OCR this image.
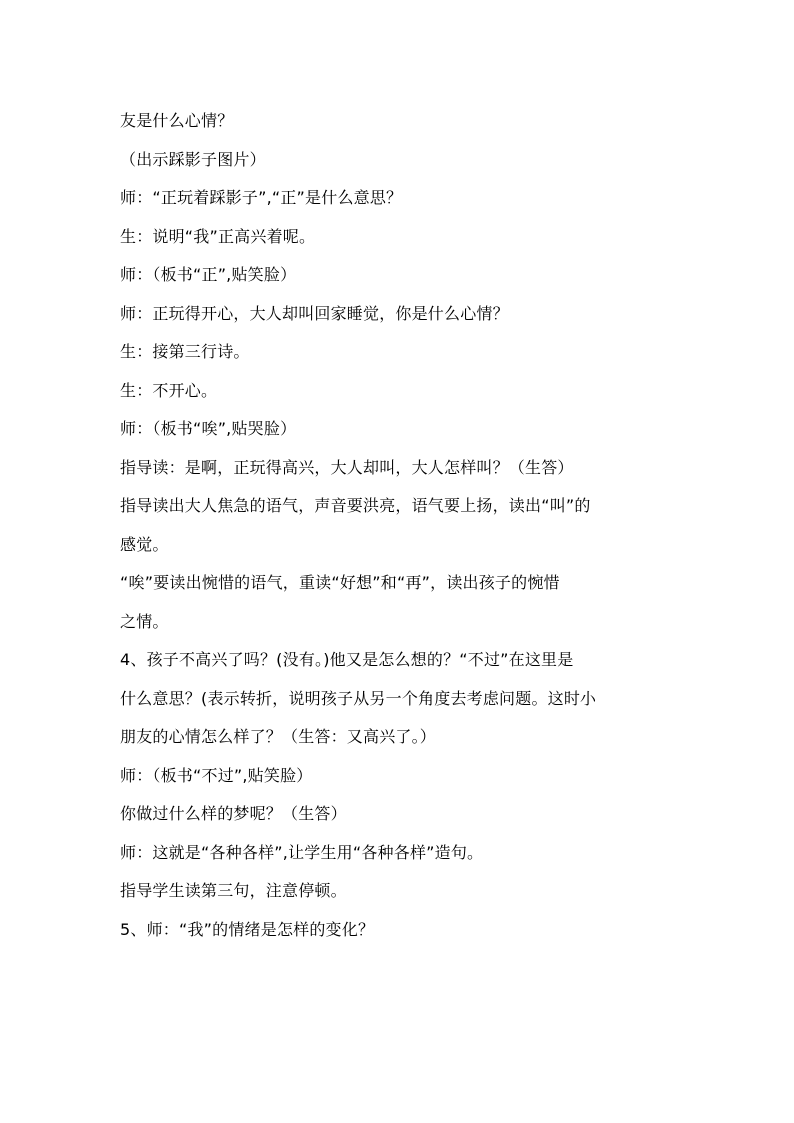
友是什么心情？
（出示踩影子图片）
师：“正玩着踩影子”,“正”是什么意思？
生：说明“我”正高兴着呢。
师：（板书“正”,贴笑脸）
师：正玩得开心，大人却叫回家睡觉，你是什么心情？
生：接第三行诗。
生：不开心。
师：（板书“唉”,贴哭脸）
指导读：是啊，正玩得高兴，大人却叫，大人怎样叫？（生答）
指导读出大人焦急的语气，声音要洪亮，语气要上扬，读出“叫”的
感觉。
“唉”要读出惋惜的语气，重读“好想”和“再”，读出孩子的惋惜
之情。
4、孩子不高兴了吗？(没有。)他又是怎么想的？“不过”在这里是
什么意思？(表示转折，说明孩子从另一个角度去考虑问题。这时小
朋友的心情怎么样了？（生答：又高兴了。）
师：（板书“不过”,贴笑脸）
你做过什么样的梦呢？（生答）
师：这就是“各种各样”,让学生用“各种各样”造句。
指导学生读第三句，注意停顿。
5、师：“我”的情绪是怎样的变化？
